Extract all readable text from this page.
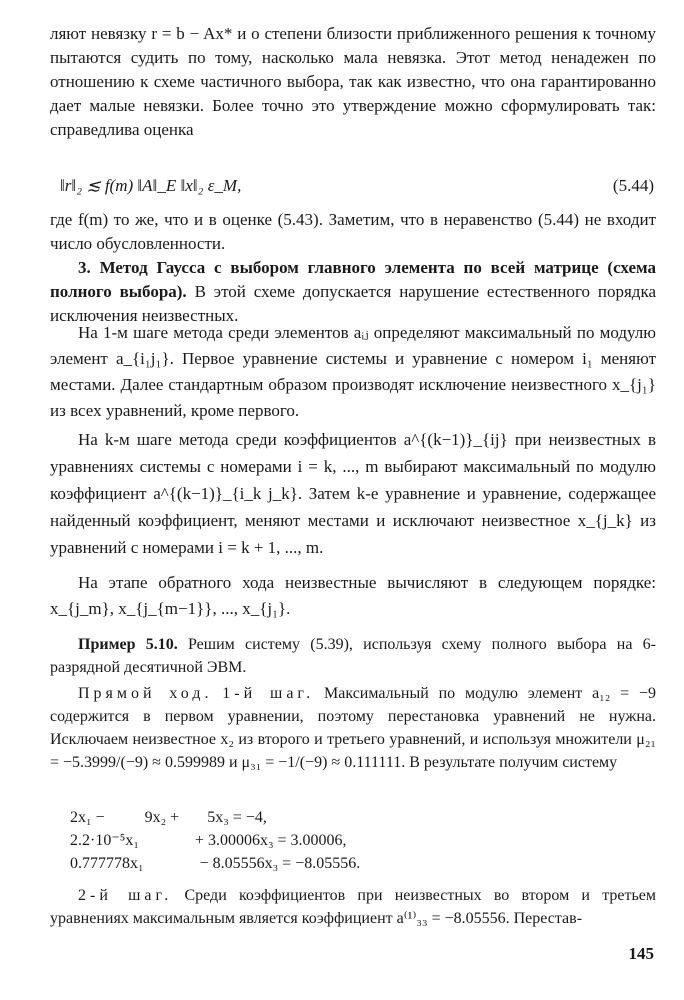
ляют невязку r = b − Ax* и о степени близости приближенного решения к точному пытаются судить по тому, насколько мала невязка. Этот метод ненадежен по отношению к схеме частичного выбора, так как известно, что она гарантированно дает малые невязки. Более точно это утверждение можно сформулировать так: справедлива оценка

‖r‖₂ ≲ f(m) ‖A‖_E ‖x‖₂ ε_M,	(5.44)

где f(m) то же, что и в оценке (5.43). Заметим, что в неравенство (5.44) не входит число обусловленности.

3. Метод Гаусса с выбором главного элемента по всей матрице (схема полного выбора). В этой схеме допускается нарушение естественного порядка исключения неизвестных.

На 1-м шаге метода среди элементов aᵢⱼ определяют максимальный по модулю элемент a_{i₁j₁}. Первое уравнение системы и уравнение с номером i₁ меняют местами. Далее стандартным образом производят исключение неизвестного x_{j₁} из всех уравнений, кроме первого.

На k-м шаге метода среди коэффициентов a^{(k−1)}_{ij} при неизвестных в уравнениях системы с номерами i = k, ..., m выбирают максимальный по модулю коэффициент a^{(k−1)}_{i_k j_k}. Затем k-е уравнение и уравнение, содержащее найденный коэффициент, меняют местами и исключают неизвестное x_{j_k} из уравнений с номерами i = k + 1, ..., m.

На этапе обратного хода неизвестные вычисляют в следующем порядке: x_{j_m}, x_{j_{m−1}}, ..., x_{j₁}.

Пример 5.10. Решим систему (5.39), используя схему полного выбора на 6-разрядной десятичной ЭВМ.

Прямой ход. 1-й шаг. Максимальный по модулю элемент a₁₂ = −9 содержится в первом уравнении, поэтому перестановка уравнений не нужна. Исключаем неизвестное x₂ из второго и третьего уравнений, и используя множители μ₂₁ = −5.3999/(−9) ≈ 0.599989 и μ₃₁ = −1/(−9) ≈ 0.111111. В результате получим систему

2x₁ −          9x₂ +       5x₃ = −4,
2.2·10⁻⁵x₁              + 3.00006x₃ = 3.00006,
0.777778x₁              − 8.05556x₃ = −8.05556.

2-й шаг. Среди коэффициентов при неизвестных во втором и третьем уравнениях максимальным является коэффициент a⁽¹⁾₃₃ = −8.05556. Перестав-

145
